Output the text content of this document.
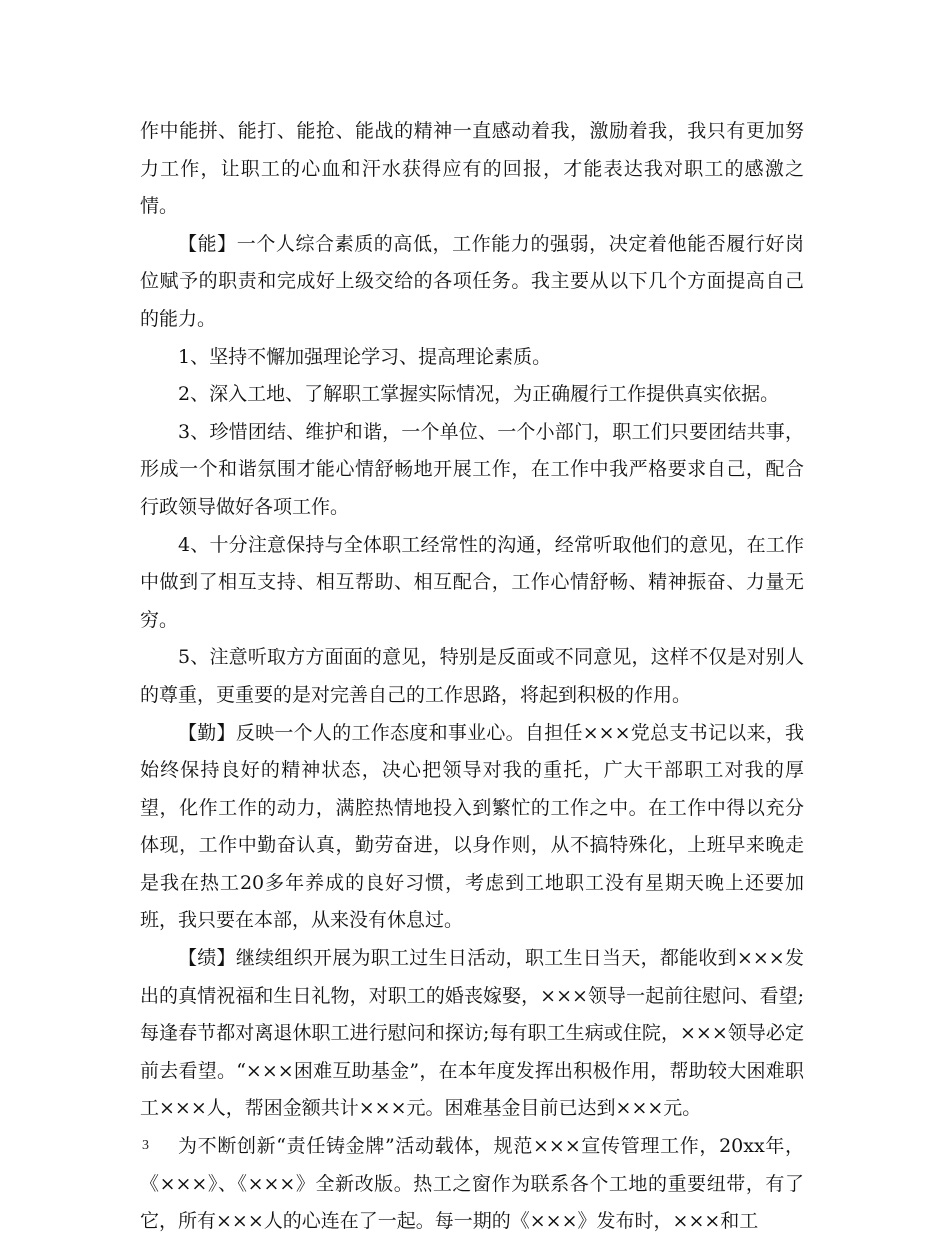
作中能拼、能打、能抢、能战的精神一直感动着我，激励着我，我只有更加努力工作，让职工的心血和汗水获得应有的回报，才能表达我对职工的感激之情。

【能】一个人综合素质的高低，工作能力的强弱，决定着他能否履行好岗位赋予的职责和完成好上级交给的各项任务。我主要从以下几个方面提高自己的能力。

1、坚持不懈加强理论学习、提高理论素质。

2、深入工地、了解职工掌握实际情况，为正确履行工作提供真实依据。

3、珍惜团结、维护和谐，一个单位、一个小部门，职工们只要团结共事，形成一个和谐氛围才能心情舒畅地开展工作，在工作中我严格要求自己，配合行政领导做好各项工作。

4、十分注意保持与全体职工经常性的沟通，经常听取他们的意见，在工作中做到了相互支持、相互帮助、相互配合，工作心情舒畅、精神振奋、力量无穷。

5、注意听取方方面面的意见，特别是反面或不同意见，这样不仅是对别人的尊重，更重要的是对完善自己的工作思路，将起到积极的作用。

【勤】反映一个人的工作态度和事业心。自担任×××党总支书记以来，我始终保持良好的精神状态，决心把领导对我的重托，广大干部职工对我的厚望，化作工作的动力，满腔热情地投入到繁忙的工作之中。在工作中得以充分体现，工作中勤奋认真，勤劳奋进，以身作则，从不搞特殊化，上班早来晚走是我在热工20多年养成的良好习惯，考虑到工地职工没有星期天晚上还要加班，我只要在本部，从来没有休息过。

【绩】继续组织开展为职工过生日活动，职工生日当天，都能收到×××发出的真情祝福和生日礼物，对职工的婚丧嫁娶，×××领导一起前往慰问、看望;每逢春节都对离退休职工进行慰问和探访;每有职工生病或住院，×××领导必定前去看望。“×××困难互助基金”，在本年度发挥出积极作用，帮助较大困难职工×××人，帮困金额共计×××元。困难基金目前已达到×××元。

为不断创新“责任铸金牌”活动载体，规范×××宣传管理工作，20xx年，《×××》、《×××》全新改版。热工之窗作为联系各个工地的重要纽带，有了它，所有×××人的心连在了一起。每一期的《×××》发布时，×××和工

3
